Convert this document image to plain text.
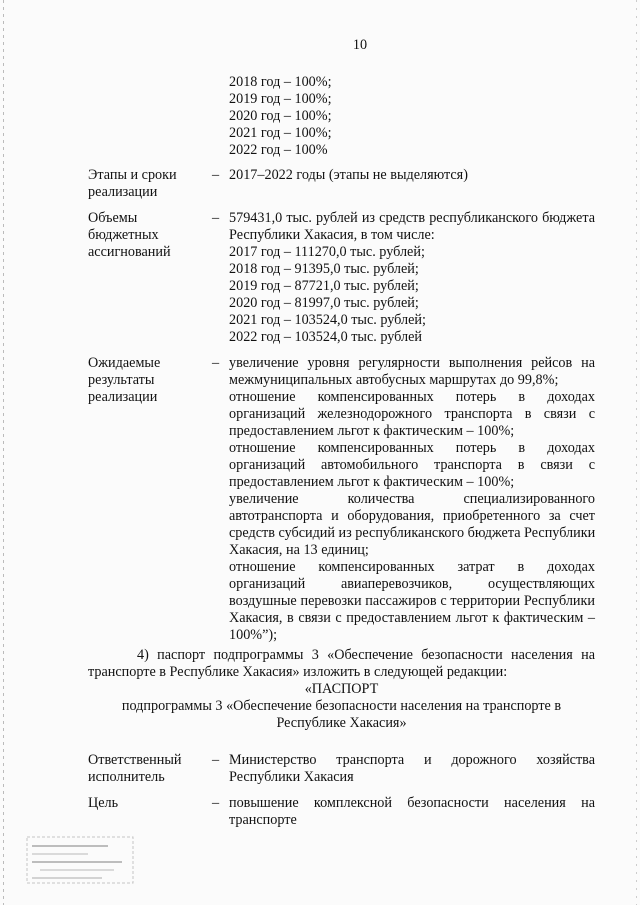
10
2018 год – 100%;
2019 год – 100%;
2020 год – 100%;
2021 год – 100%;
2022 год – 100%
Этапы и сроки
реализации
– 2017–2022 годы (этапы не выделяются)
Объемы
бюджетных
ассигнований
– 579431,0 тыс. рублей из средств республиканского бюджета
Республики Хакасия, в том числе:
2017 год – 111270,0 тыс. рублей;
2018 год – 91395,0 тыс. рублей;
2019 год – 87721,0 тыс. рублей;
2020 год – 81997,0 тыс. рублей;
2021 год – 103524,0 тыс. рублей;
2022 год – 103524,0 тыс. рублей
Ожидаемые
результаты
реализации
– увеличение уровня регулярности выполнения рейсов на
межмуниципальных автобусных маршрутах до 99,8%;
отношение компенсированных потерь в доходах
организаций железнодорожного транспорта в связи с
предоставлением льгот к фактическим – 100%;
отношение компенсированных потерь в доходах
организаций автомобильного транспорта в связи с
предоставлением льгот к фактическим – 100%;
увеличение количества специализированного
автотранспорта и оборудования, приобретенного за счет
средств субсидий из республиканского бюджета Республики
Хакасия, на 13 единиц;
отношение компенсированных затрат в доходах
организаций авиаперевозчиков, осуществляющих
воздушные перевозки пассажиров с территории Республики
Хакасия, в связи с предоставлением льгот к фактическим –
100%”);
4) паспорт подпрограммы 3 «Обеспечение безопасности населения на
транспорте в Республике Хакасия» изложить в следующей редакции:
«ПАСПОРТ
подпрограммы 3 «Обеспечение безопасности населения на транспорте в
Республике Хакасия»
Ответственный
исполнитель
– Министерство транспорта и дорожного хозяйства
Республики Хакасия
Цель	– повышение комплексной безопасности населения на
транспорте
